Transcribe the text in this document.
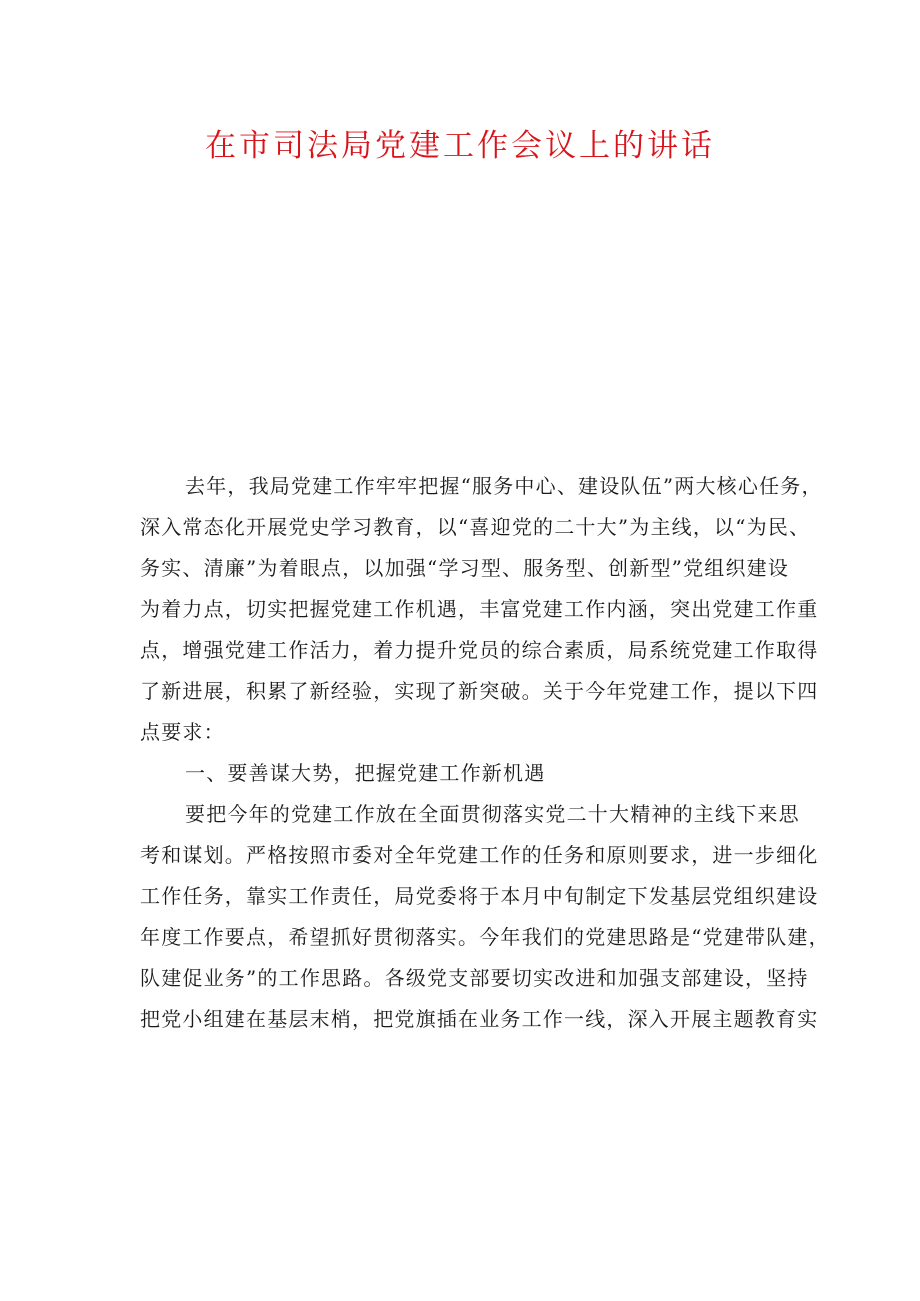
在市司法局党建工作会议上的讲话

去年，我局党建工作牢牢把握“服务中心、建设队伍”两大核心任务，
深入常态化开展党史学习教育，以“喜迎党的二十大”为主线，以“为民、
务实、清廉”为着眼点，以加强“学习型、服务型、创新型”党组织建设
为着力点，切实把握党建工作机遇，丰富党建工作内涵，突出党建工作重
点，增强党建工作活力，着力提升党员的综合素质，局系统党建工作取得
了新进展，积累了新经验，实现了新突破。关于今年党建工作，提以下四
点要求：

一、要善谋大势，把握党建工作新机遇

要把今年的党建工作放在全面贯彻落实党二十大精神的主线下来思
考和谋划。严格按照市委对全年党建工作的任务和原则要求，进一步细化
工作任务，靠实工作责任，局党委将于本月中旬制定下发基层党组织建设
年度工作要点，希望抓好贯彻落实。今年我们的党建思路是“党建带队建，
队建促业务”的工作思路。各级党支部要切实改进和加强支部建设，坚持
把党小组建在基层末梢，把党旗插在业务工作一线，深入开展主题教育实
